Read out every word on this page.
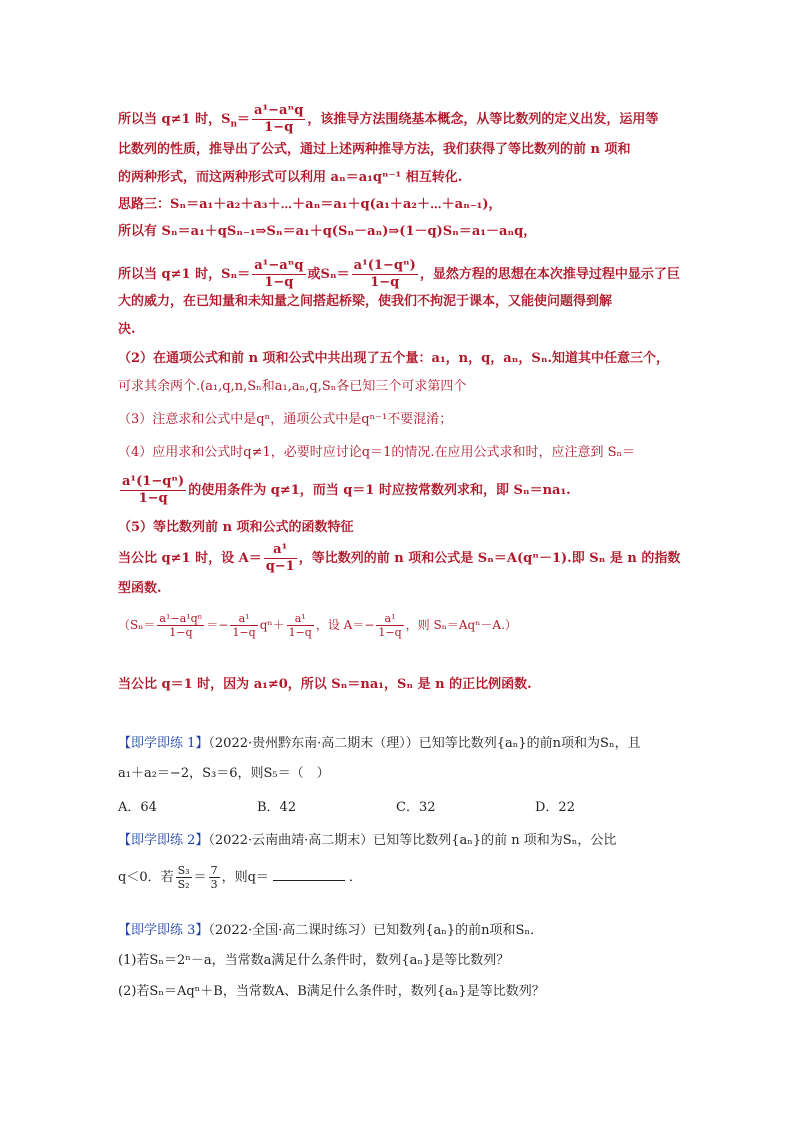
所以当 q≠1 时，$S_n= \frac{\text{a¹−aⁿq}}{1-q}$ ，该推导方法围绕基本概念，从等比数列的定义出发，运用等
比数列的性质，推导出了公式，通过上述两种推导方法，我们获得了等比数列的前 n 项和
的两种形式，而这两种形式可以利用 aₙ＝a₁qⁿ⁻¹ 相互转化.
思路三：Sₙ＝a₁＋a₂＋a₃＋⋯＋aₙ＝a₁＋q(a₁＋a₂＋⋯＋aₙ₋₁)，
所以有 Sₙ＝a₁＋qSₙ₋₁⇒Sₙ＝a₁＋q(Sₙ－aₙ)⇒(1－q)Sₙ＝a₁－aₙq，
所以当 q≠1 时，$S_n= \frac{\text{a¹−aⁿq}}{1-q}$ 或$S_n= \frac{\text{a¹(1−qⁿ)}}{1-q}$ ，显然方程的思想在本次推导过程中显示了巨
大的威力，在已知量和未知量之间搭起桥梁，使我们不拘泥于课本，又能使问题得到解
决.
（2）在通项公式和前 n 项和公式中共出现了五个量：a₁，n，q，aₙ，Sₙ.知道其中任意三个，
可求其余两个.(a₁,q,n,Sₙ和a₁,aₙ,q,Sₙ各已知三个可求第四个
（3）注意求和公式中是qⁿ，通项公式中是qⁿ⁻¹不要混淆；
（4）应用求和公式时q≠1，必要时应讨论q＝1的情况.在应用公式求和时，应注意到 Sₙ＝
$\frac{\text{a¹(1−qⁿ)}}{1-q}$ 的使用条件为 q≠1，而当 q＝1 时应按常数列求和，即 Sₙ＝na₁.
（5）等比数列前 n 项和公式的函数特征
当公比 q≠1 时，设 $A= \frac{\text{a¹}}{q-1}$ ，等比数列的前 n 项和公式是 Sₙ＝A(qⁿ－1).即 Sₙ 是 n 的指数
型函数.
（$S_n= \frac{\text{a¹−a¹qⁿ}}{1-q} =- \frac{\text{a¹}}{1-q} q^n+ \frac{\text{a¹}}{1-q}$ ，设 $A=- \frac{\text{a¹}}{1-q}$ ，则 Sₙ＝Aqⁿ－A.）
当公比 q＝1 时，因为 a₁≠0，所以 Sₙ＝na₁，Sₙ 是 n 的正比例函数.
【即学即练 1】（2022·贵州黔东南·高二期末（理））已知等比数列{aₙ}的前n项和为Sₙ，且
a₁＋a₂＝−2，S₃＝6，则S₅＝（　）
A．64	B．42	C．32	D．22
【即学即练 2】（2022·云南曲靖·高二期末）已知等比数列{aₙ}的前 n 项和为Sₙ，公比
q＜0．若 $\frac{\text{S₃}}{\text{S₂}} = \frac{7}{3}$ ，则q＝	．
【即学即练 3】（2022·全国·高二课时练习）已知数列{aₙ}的前n项和Sₙ．
(1)若Sₙ＝2ⁿ－a，当常数a满足什么条件时，数列{aₙ}是等比数列？
(2)若Sₙ＝Aqⁿ＋B，当常数A、B满足什么条件时，数列{aₙ}是等比数列？
